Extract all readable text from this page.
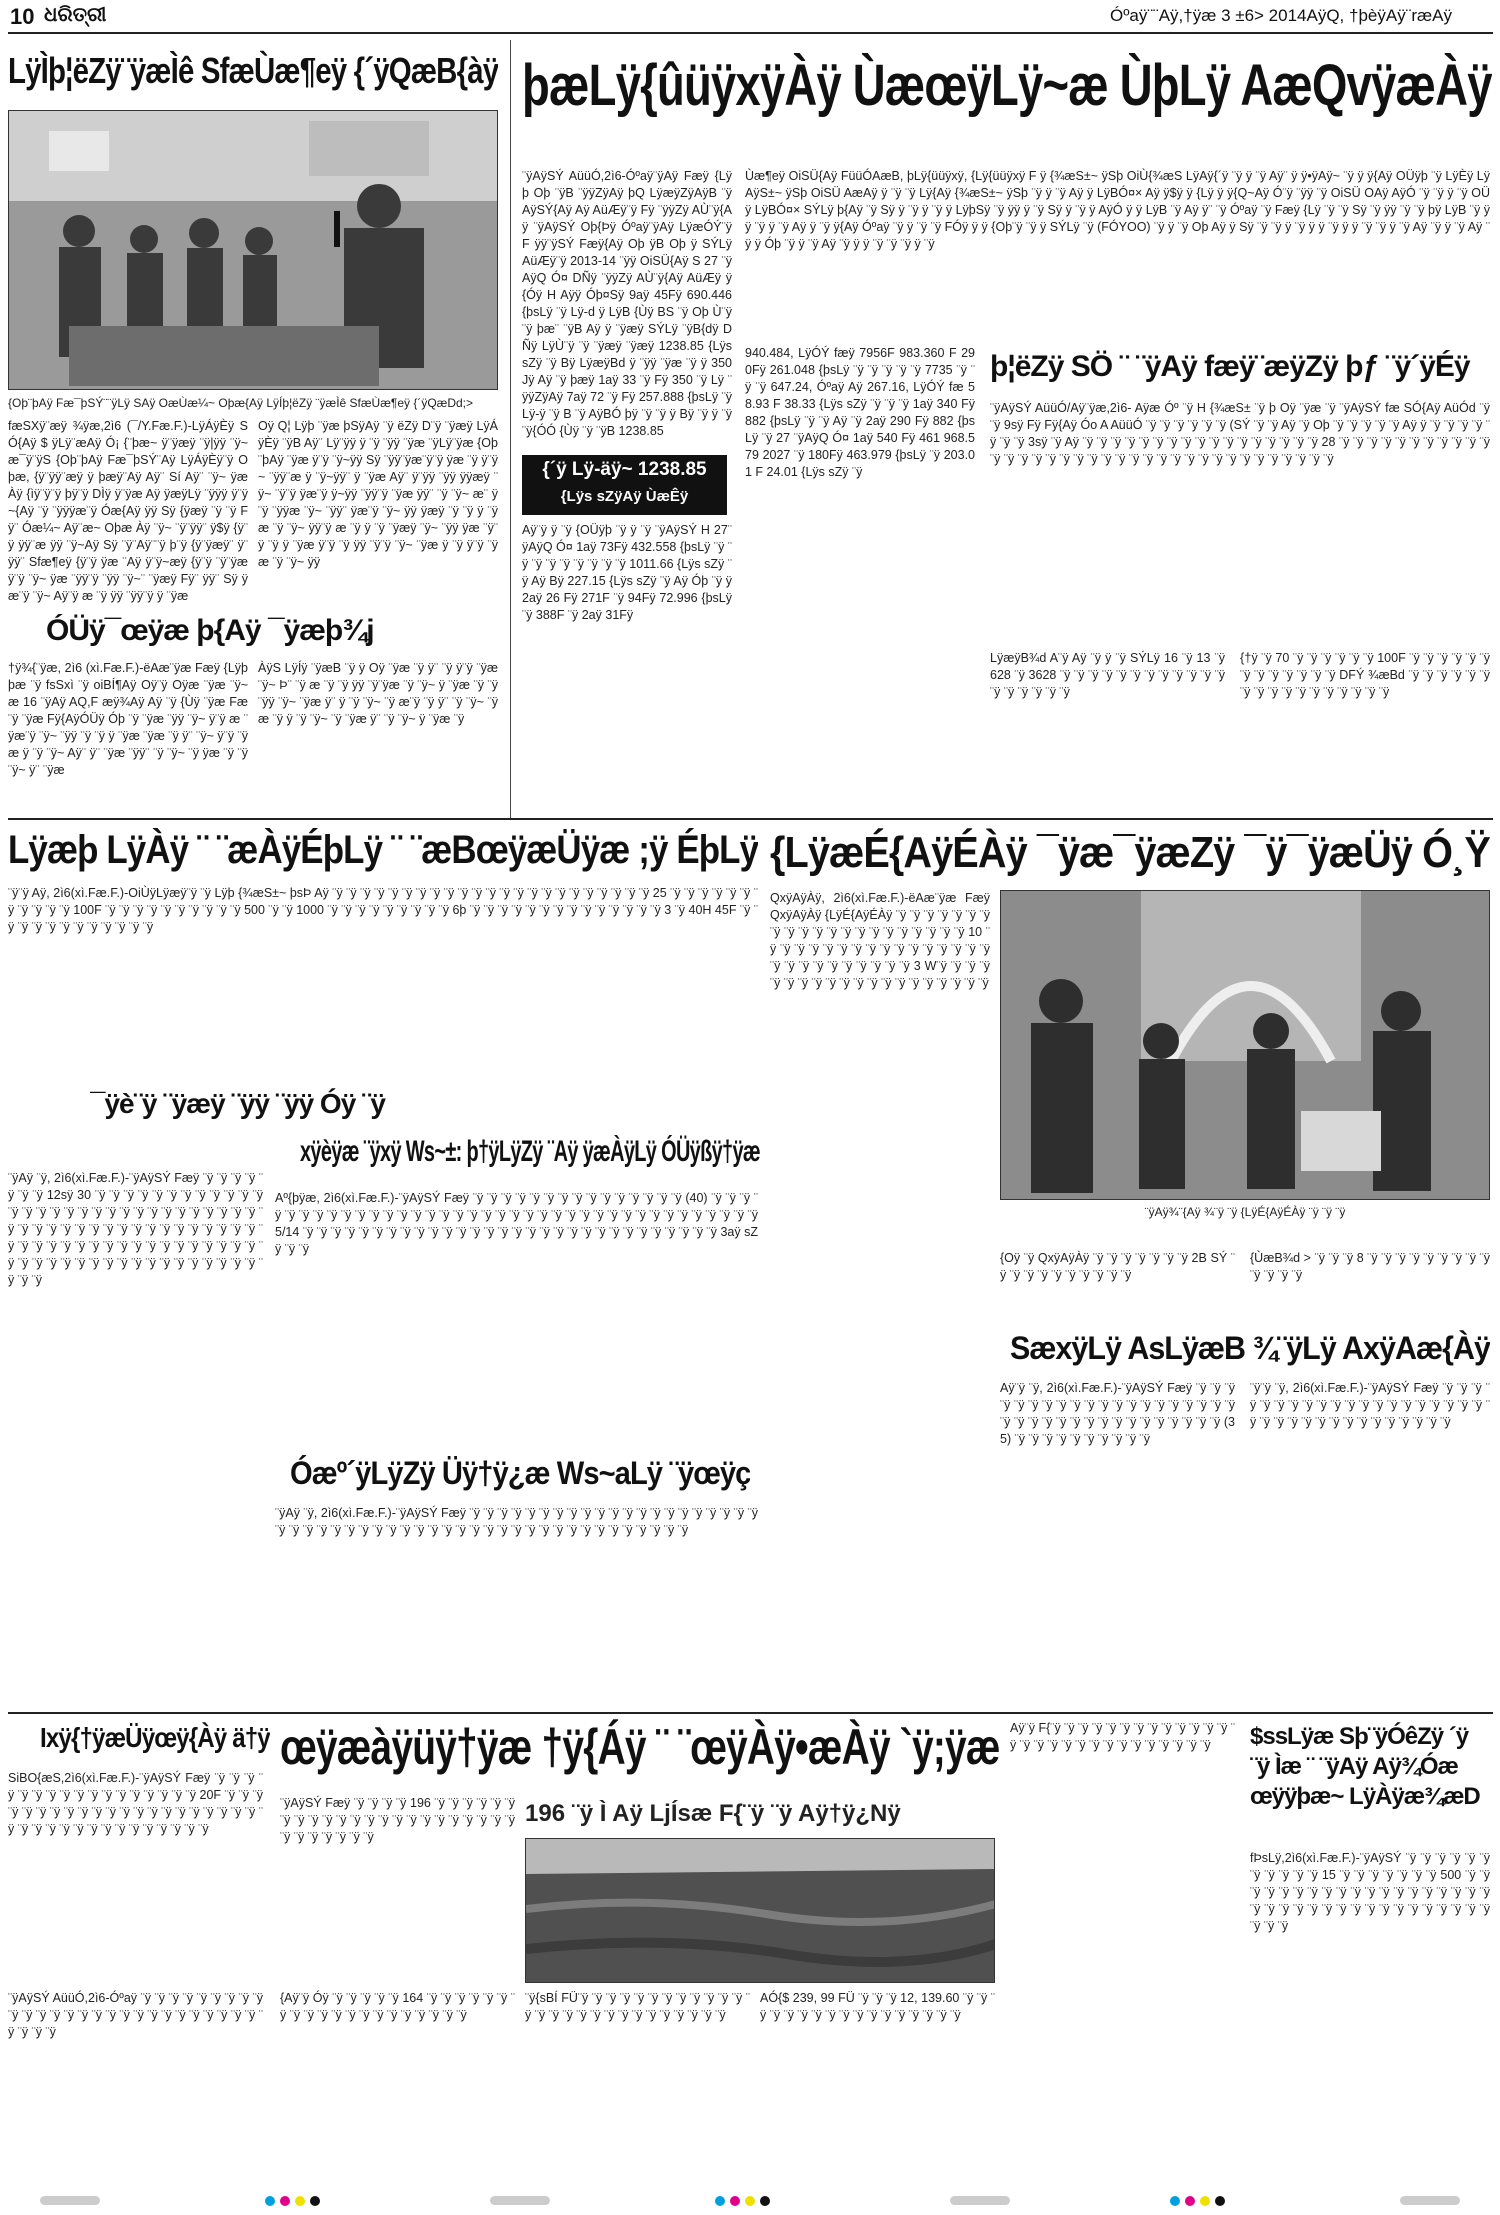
10 ଧରିତ୍ରୀ	Óºaÿ¨¨Aÿ,†ÿæ 3 ±6> 2014AÿQ, †þèÿAÿ¨ræAÿ
LÿÌþ¦ëZÿ¨ÿæÌê SfæÙæ¶eÿ {´ÿQæB{àÿ
{Oþ¨þAÿ Fæ¯þSÝ¨¨ÿLÿ SAÿ OæÙæ¼~ Oþæ{Aÿ LÿÍþ¦ëZÿ ¨ÿæÌê SfæÙæ¶eÿ {´ÿQæDd;>
fæSXÿ¨æÿ ¾ÿæ,2ì6 (¯/Y.Fæ.F.)-LÿÁÿÈÿ SÓ{Aÿ $ ÿLÿ¨æAÿ Ó¡ {¨þæ~ ÿ¨ÿæÿ ¨ÿ|ÿÿ ¨ÿ~æ¯ÿ¨ÿS {Oþ¨þAÿ Fæ¯þSÝ¨Aÿ LÿÁÿÈÿ¨ÿ Oþæ, {ÿ¨ÿÿ¨æÿ ÿ þæÿ¨Aÿ Aÿ¨ Sí Aÿ¨ ¨ÿ~ ÿæ Àÿ {ìÿ¨ÿ¨ÿ þÿ¨ÿ DÌÿ ÿ¨ÿæ Aÿ ÿæÿLÿ ¨ÿÿÿ ÿ¨ÿ~{Aÿ ¨ÿ ¨ÿÿÿæ¨ÿ Óæ{Aÿ ÿÿ Sÿ {ÿæÿ ¨ÿ ¨ÿ Fÿ¨ Óæ¼~ Aÿ¨æ~ Oþæ Àÿ ¨ÿ~ ¨ÿ¨ÿÿ¨ ÿ$ÿ {ÿ¨ÿ ÿÿ¨æ ÿÿ ¨ÿ~Aÿ Sÿ ¨ÿ¨Aÿ¨¨ÿ þ¨ÿ {ÿ¨ÿæÿ¨ ÿ¨ÿÿ¨ Sfæ¶eÿ {ÿ¨ÿ ÿæ ¨Aÿ ÿ¨ÿ~æÿ {ÿ¨ÿ ¨ÿ¨ÿæÿ¨ÿ ¨ÿ~ ÿæ ¨ÿÿ¨ÿ ¨ÿÿ ¨ÿ~¨ ¨ÿæÿ Fÿ¨ ÿÿ¨ Sÿ ÿæ¨ÿ ¨ÿ~ Aÿ¨ÿ æ ¨ÿ ÿÿ ¨ÿÿ¨ÿ ÿ ¨ÿæ
Oÿ Q¦ Lÿþ ¨ÿæ þSÿAÿ ¨ÿ ëZÿ D¨ÿ ¨ÿæÿ LÿÁÿÈÿ ¨ÿB Aÿ¨ Lÿ¨ÿÿ ÿ ¨ÿ ¨ÿÿ ¨ÿæ ¨ÿLÿ¨ÿæ {Oþ¨þAÿ ¨ÿæ ÿ¨ÿ ¨ÿ~ÿÿ Sÿ ¨ÿÿ¨ÿæ¨ÿ¨ÿ ÿæ ¨ÿ ÿ¨ÿ~ ¨ÿÿ¨æ ÿ ¨ÿ~ÿÿ¨ ÿ ¨ÿæ Aÿ¨ ÿ¨ÿÿ ¨ÿÿ ÿÿæÿ ¨ÿ~ ¨ÿ¨ÿ ÿæ¨ÿ ÿ~ÿÿ ¨ÿÿ¨ÿ ¨ÿæ ÿÿ¨ ¨ÿ ¨ÿ~ æ¨ ÿ¨ÿ ¨ÿÿæ ¨ÿ~ ¨ÿÿ¨ ÿæ¨ÿ ¨ÿ~ ÿÿ ÿæÿ ¨ÿ ¨ÿ ÿ ¨ÿæ ¨ÿ ¨ÿ~ ÿÿ¨ÿ æ ¨ÿ ÿ ¨ÿ ¨ÿæÿ ¨ÿ~ ¨ÿÿ ÿæ ¨ÿ¨ÿ ¨ÿ ÿ ¨ÿæ ÿ¨ÿ ¨ÿ ÿÿ ¨ÿ¨ÿ ¨ÿ~ ¨ÿæ ÿ ¨ÿ ÿ¨ÿ ¨ÿæ ¨ÿ ¨ÿ~ ÿÿ
ÓÜÿ¯œÿæ þ{Aÿ ¯ÿæþ¾j
†ÿ¾{¨ÿæ, 2ì6 (xì.Fæ.F.)-ëAæ¨ÿæ Fæÿ {Lÿþ þæ ¨ÿ fsSxì ¨ÿ oiBÍ¶Aÿ Oÿ¨ÿ Oÿæ ¨ÿæ ¨ÿ~ æ 16 ¨ÿAÿ AQ,F æÿ¾Aÿ Aÿ ¨ÿ {Ùÿ ¨ÿæ Fæ ¨ÿ ¨ÿæ Fÿ{AÿÓÜÿ Óþ ¨ÿ ¨ÿæ ¨ÿÿ ¨ÿ~ ÿ¨ÿ æ ¨ÿæ¨ÿ ¨ÿ~ ¨ÿÿ ¨ÿ ¨ÿ ÿ ¨ÿæ ¨ÿæ ¨ÿ ÿ¨ ¨ÿ~ ÿ¨ÿ ¨ÿæ ÿ ¨ÿ ¨ÿ~ Aÿ¨ ÿ¨ ¨ÿæ ¨ÿÿ¨ ¨ÿ ¨ÿ~ ¨ÿ ÿæ ¨ÿ ¨ÿ ¨ÿ~ ÿ¨ ¨ÿæ
ÀÿS LÿÍÿ ¨ÿæB ¨ÿ ÿ Oÿ ¨ÿæ ¨ÿ ÿ¨ ¨ÿ ÿ¨ÿ ¨ÿæ ¨ÿ~ Þ¨ ¨ÿ æ ¨ÿ ¨ÿ ÿÿ ¨ÿ¨ÿæ ¨ÿ ¨ÿ~ ÿ ¨ÿæ ¨ÿ ¨ÿ ¨ÿÿ ¨ÿ~ ¨ÿæ ÿ¨ ÿ ¨ÿ ¨ÿ~ ¨ÿ æ¨ÿ ¨ÿ ÿ¨ ¨ÿ ¨ÿ~ ¨ÿæ ¨ÿ ÿ ¨ÿ ¨ÿ~ ¨ÿ ¨ÿæ ÿ¨ ¨ÿ ¨ÿ~ ÿ ¨ÿæ ¨ÿ
þæLÿ{ûüÿxÿÀÿ ÙæœÿLÿ~æ ÙþLÿ AæQvÿæÀÿ
¨ÿAÿSÝ AüüÓ,2ì6-Óºaÿ¨ÿAÿ Fæÿ {Lÿþ Oþ ¨ÿB ¨ÿÿZÿAÿ þQ LÿæÿZÿAÿB ¨ÿAÿSÝ{Aÿ Aÿ AüÆÿ¨ÿ Fÿ ¨ÿÿZÿ AÙ¨ÿ{Aÿ ¨ÿAÿSÝ Oþ{Þÿ Óºaÿ¨ÿAÿ LÿæÓÝ¨ÿ F ÿÿ¨ÿSÝ Fæÿ{Aÿ Oþ ÿB Oþ ÿ SÝLÿ AüÆÿ¨ÿ 2013-14 ¨ÿÿ OiSÜ{Aÿ S 27 ¨ÿAÿQ Ó¤ DÑÿ ¨ÿÿZÿ AÙ¨ÿ{Aÿ AüÆÿ ÿ {Óÿ H Aÿÿ Óþ¤Sÿ 9aÿ 45Fÿ 690.446 {þsLÿ ¨ÿ Lÿ-d ÿ LÿB {Ùÿ BS ¨ÿ Oþ Ù¨ÿ ¨ÿ þæ¨ ¨ÿB Aÿ ÿ ¨ÿæÿ SÝLÿ ¨ÿB{dÿ DÑÿ LÿÙ¨ÿ ¨ÿ ¨ÿæÿ ¨ÿæÿ 1238.85 {Lÿs sZÿ ¨ÿ Bÿ LÿæÿBd ÿ ¨ÿÿ ¨ÿæ ¨ÿ ÿ 350 Jÿ Aÿ ¨ÿ þæÿ 1aÿ 33 ¨ÿ Fÿ 350 ¨ÿ Lÿ ¨ÿÿZÿAÿ 7aÿ 72 ¨ÿ Fÿ 257.888 {þsLÿ ¨ÿ Lÿ-ÿ ¨ÿ B ¨ÿ AÿBÓ þÿ ¨ÿ ¨ÿ ÿ Bÿ ¨ÿ ÿ ¨ÿ ¨ÿ{ÓÓ {Ùÿ ¨ÿ ¨ÿB 1238.85
Ùæ¶eÿ OiSÜ{Aÿ FüüÓAæB, þLÿ{üüÿxÿ, {Lÿ{üüÿxÿ F ÿ {¾æS±~ ÿSþ OiÙ{¾æS LÿAÿ{´ÿ ¨ÿ ÿ ¨ÿ Aÿ¨ ÿ ÿ•ÿAÿ~ ¨ÿ ÿ ÿ{Aÿ OÜÿþ ¨ÿ LÿÈÿ LÿAÿS±~ ÿSþ OiSÜ AæAÿ ÿ ¨ÿ ¨ÿ Lÿ{Aÿ {¾æS±~ ÿSþ ¨ÿ ÿ ¨ÿ Aÿ ÿ LÿBÓ¤× Aÿ ÿ$ÿ ÿ {Lÿ ÿ ÿ{Q~Aÿ Ó¨ÿ ¨ÿÿ ¨ÿ OiSÜ OAÿ AÿÓ ¨ÿ ¨ÿ ÿ ¨ÿ OÜÿ LÿBÓ¤× SÝLÿ þ{Aÿ ¨ÿ Sÿ ÿ ¨ÿ ÿ ¨ÿ ÿ LÿþSÿ ¨ÿ ÿÿ ÿ ¨ÿ Sÿ ÿ ¨ÿ ÿ AÿÓ ÿ ÿ LÿB ¨ÿ Aÿ ÿ¨ ¨ÿ Óºaÿ ¨ÿ Fæÿ {Lÿ ¨ÿ ¨ÿ Sÿ ¨ÿ ÿÿ ¨ÿ ¨ÿ þÿ LÿB ¨ÿ ÿ ÿ ¨ÿ ÿ ¨ÿ Aÿ ÿ ¨ÿ ÿ{Aÿ Óºaÿ ¨ÿ ÿ ¨ÿ ¨ÿ FÓÿ ÿ ÿ {Oþ¨ÿ ¨ÿ ÿ SÝLÿ ¨ÿ (FÓYOO) ¨ÿ ÿ ¨ÿ Oþ Aÿ ÿ Sÿ ¨ÿ ¨ÿ ÿ ¨ÿ ÿ ÿ ¨ÿ ÿ ÿ ¨ÿ ¨ÿ ÿ ¨ÿ Aÿ ¨ÿ ÿ ¨ÿ Aÿ ¨ÿ ÿ Óþ ¨ÿ ÿ ¨ÿ Aÿ ¨ÿ ÿ ÿ ¨ÿ ¨ÿ ¨ÿ ÿ ¨ÿ
{´ÿ Lÿ-äÿ~ 1238.85
{Lÿs sZÿAÿ ÙæÊÿ
Aÿ¨ÿ ÿ ¨ÿ {OÜÿþ ¨ÿ ÿ ¨ÿ ¨ÿAÿSÝ H 27¨ÿAÿQ Ó¤ 1aÿ 73Fÿ 432.558 {þsLÿ ¨ÿ ¨ÿ ¨ÿ ¨ÿ ¨ÿ ¨ÿ ¨ÿ ¨ÿ ¨ÿ 1011.66 {Lÿs sZÿ ¨ÿ Aÿ Bÿ 227.15 {Lÿs sZÿ ¨ÿ Aÿ Óþ ¨ÿ ÿ 2aÿ 26 Fÿ 271F ¨ÿ 94Fÿ 72.996 {þsLÿ ¨ÿ 388F ¨ÿ 2aÿ 31Fÿ
940.484, LÿÓÝ fæÿ 7956F 983.360 F 290Fÿ 261.048 {þsLÿ ¨ÿ ¨ÿ ¨ÿ ¨ÿ ¨ÿ 7735 ¨ÿ ¨ÿ ¨ÿ 647.24, Óºaÿ Aÿ 267.16, LÿÓÝ fæ 58.93 F 38.33 {Lÿs sZÿ ¨ÿ ¨ÿ ¨ÿ 1aÿ 340 Fÿ 882 {þsLÿ ¨ÿ ¨ÿ Aÿ ¨ÿ 2aÿ 290 Fÿ 882 {þsLÿ ¨ÿ 27 ¨ÿAÿQ Ó¤ 1aÿ 540 Fÿ 461 968.579 2027 ¨ÿ 180Fÿ 463.979 {þsLÿ ¨ÿ 203.01 F 24.01 {Lÿs sZÿ ¨ÿ
þ¦ëZÿ SÖ ¨ ¨ÿAÿ fæÿ¨æÿZÿ þƒ ¨ÿ´ÿÉÿ
¨ÿAÿSÝ AüüÓ/Aÿ¨ÿæ,2ì6- Aÿæ Óº ¨ÿ H {¾æS± ¨ÿ þ Oÿ ¨ÿæ ¨ÿ ¨ÿAÿSÝ fæ SÓ{Aÿ AüÓd ¨ÿ ¨ÿ 9sÿ Fÿ Fÿ{Aÿ Óo A AüüÓ ¨ÿ ¨ÿ ¨ÿ ¨ÿ ¨ÿ ¨ÿ (SÝ ¨ÿ ¨ÿ Aÿ ¨ÿ Oþ ¨ÿ ¨ÿ ¨ÿ ¨ÿ ¨ÿ Aÿ ÿ ¨ÿ ¨ÿ ¨ÿ ¨ÿ ¨ÿ ¨ÿ ¨ÿ 3sÿ ¨ÿ Aÿ ¨ÿ ¨ÿ ¨ÿ ¨ÿ ¨ÿ ¨ÿ ¨ÿ ¨ÿ ¨ÿ ¨ÿ ¨ÿ ¨ÿ ¨ÿ ¨ÿ ¨ÿ ¨ÿ ¨ÿ 28 ¨ÿ ¨ÿ ¨ÿ ¨ÿ ¨ÿ ¨ÿ ¨ÿ ¨ÿ ¨ÿ ¨ÿ ¨ÿ ¨ÿ ¨ÿ ¨ÿ ¨ÿ ¨ÿ ¨ÿ ¨ÿ ¨ÿ ¨ÿ ¨ÿ ¨ÿ ¨ÿ ¨ÿ ¨ÿ ¨ÿ ¨ÿ ¨ÿ ¨ÿ ¨ÿ ¨ÿ ¨ÿ ¨ÿ ¨ÿ ¨ÿ ¨ÿ
LÿæÿB¾d A¨ÿ Aÿ ¨ÿ ÿ ¨ÿ SÝLÿ 16 ¨ÿ 13 ¨ÿ 628 ¨ÿ 3628 ¨ÿ ¨ÿ ¨ÿ ¨ÿ ¨ÿ ¨ÿ ¨ÿ ¨ÿ ¨ÿ ¨ÿ ¨ÿ ¨ÿ ¨ÿ ¨ÿ ¨ÿ ¨ÿ ¨ÿ ¨ÿ
{†ÿ ¨ÿ 70 ¨ÿ ¨ÿ ¨ÿ ¨ÿ ¨ÿ ¨ÿ 100F ¨ÿ ¨ÿ ¨ÿ ¨ÿ ¨ÿ ¨ÿ ¨ÿ ¨ÿ ¨ÿ ¨ÿ ¨ÿ ¨ÿ ¨ÿ DFÝ ¾æBd ¨ÿ ¨ÿ ¨ÿ ¨ÿ ¨ÿ ¨ÿ ¨ÿ ¨ÿ ¨ÿ ¨ÿ ¨ÿ ¨ÿ ¨ÿ ¨ÿ ¨ÿ ¨ÿ ¨ÿ
Lÿæþ LÿÀÿ ¨ ¨æÀÿÉþLÿ ¨ ¨æBœÿæÜÿæ ;ÿ ÉþLÿ
¨ÿ¨ÿ Aÿ, 2ì6(xì.Fæ.F.)-OiÙÿLÿæÿ¨ÿ ¨ÿ Lÿþ {¾æS±~ þsÞ Aÿ ¨ÿ ¨ÿ ¨ÿ ¨ÿ ¨ÿ ¨ÿ ¨ÿ ¨ÿ ¨ÿ ¨ÿ ¨ÿ ¨ÿ ¨ÿ ¨ÿ ¨ÿ ¨ÿ ¨ÿ ¨ÿ ¨ÿ ¨ÿ ¨ÿ ¨ÿ ¨ÿ 25 ¨ÿ ¨ÿ ¨ÿ ¨ÿ ¨ÿ ¨ÿ ¨ÿ ¨ÿ ¨ÿ ¨ÿ ¨ÿ 100F ¨ÿ ¨ÿ ¨ÿ ¨ÿ ¨ÿ ¨ÿ ¨ÿ ¨ÿ ¨ÿ ¨ÿ 500 ¨ÿ ¨ÿ 1000 ¨ÿ ¨ÿ ¨ÿ ¨ÿ ¨ÿ ¨ÿ ¨ÿ ¨ÿ ¨ÿ 6þ ¨ÿ ¨ÿ ¨ÿ ¨ÿ ¨ÿ ¨ÿ ¨ÿ ¨ÿ ¨ÿ ¨ÿ ¨ÿ ¨ÿ ¨ÿ ¨ÿ 3 ¨ÿ 40H 45F ¨ÿ ¨ÿ ¨ÿ ¨ÿ ¨ÿ ¨ÿ ¨ÿ ¨ÿ ¨ÿ ¨ÿ ¨ÿ ¨ÿ
{LÿæÉ{AÿÉÀÿ ¯ÿæ¯ÿæZÿ ¯ÿ¯ÿæÜÿ Ó¸Ÿ
QxÿAÿÀÿ, 2ì6(xì.Fæ.F.)-ëAæ¨ÿæ Fæÿ QxÿAÿÀÿ {LÿÉ{AÿÉÀÿ ¨ÿ ¨ÿ ¨ÿ ¨ÿ ¨ÿ ¨ÿ ¨ÿ ¨ÿ ¨ÿ ¨ÿ ¨ÿ ¨ÿ ¨ÿ ¨ÿ ¨ÿ ¨ÿ ¨ÿ ¨ÿ ¨ÿ ¨ÿ ¨ÿ 10 ¨ÿ ¨ÿ ¨ÿ ¨ÿ ¨ÿ ¨ÿ ¨ÿ ¨ÿ ¨ÿ ¨ÿ ¨ÿ ¨ÿ ¨ÿ ¨ÿ ¨ÿ ¨ÿ ¨ÿ ¨ÿ ¨ÿ ¨ÿ ¨ÿ ¨ÿ ¨ÿ ¨ÿ ¨ÿ ¨ÿ 3 W¨ÿ ¨ÿ ¨ÿ ¨ÿ ¨ÿ ¨ÿ ¨ÿ ¨ÿ ¨ÿ ¨ÿ ¨ÿ ¨ÿ ¨ÿ ¨ÿ ¨ÿ ¨ÿ ¨ÿ ¨ÿ ¨ÿ ¨ÿ
¨ÿAÿ¾¨{Aÿ ¾¨ÿ ¨ÿ {LÿÉ{AÿÉÀÿ ¨ÿ ¨ÿ ¨ÿ
¯ÿè¨ÿ ¨ÿæÿ ¨ÿÿ ¨ÿÿ Óÿ ¨ÿ
¨ÿAÿ ¨ÿ, 2ì6(xì.Fæ.F.)-¨ÿAÿSÝ Fæÿ ¨ÿ ¨ÿ ¨ÿ ¨ÿ ¨ÿ ¨ÿ ¨ÿ 12sÿ 30 ¨ÿ ¨ÿ ¨ÿ ¨ÿ ¨ÿ ¨ÿ ¨ÿ ¨ÿ ¨ÿ ¨ÿ ¨ÿ ¨ÿ ¨ÿ ¨ÿ ¨ÿ ¨ÿ ¨ÿ ¨ÿ ¨ÿ ¨ÿ ¨ÿ ¨ÿ ¨ÿ ¨ÿ ¨ÿ ¨ÿ ¨ÿ ¨ÿ ¨ÿ ¨ÿ ¨ÿ ¨ÿ ¨ÿ ¨ÿ ¨ÿ ¨ÿ ¨ÿ ¨ÿ ¨ÿ ¨ÿ ¨ÿ ¨ÿ ¨ÿ ¨ÿ ¨ÿ ¨ÿ ¨ÿ ¨ÿ ¨ÿ ¨ÿ ¨ÿ ¨ÿ ¨ÿ ¨ÿ ¨ÿ ¨ÿ ¨ÿ ¨ÿ ¨ÿ ¨ÿ ¨ÿ ¨ÿ ¨ÿ ¨ÿ ¨ÿ ¨ÿ ¨ÿ ¨ÿ ¨ÿ ¨ÿ ¨ÿ ¨ÿ ¨ÿ ¨ÿ ¨ÿ ¨ÿ ¨ÿ ¨ÿ ¨ÿ ¨ÿ ¨ÿ ¨ÿ ¨ÿ ¨ÿ ¨ÿ ¨ÿ ¨ÿ
xÿèÿæ ¨ÿxÿ Ws~±: þ†ÿLÿZÿ ¨Aÿ ÿæÀÿLÿ ÓÜÿßÿ†ÿæ
Aº{þÿæ, 2ì6(xì.Fæ.F.)-¨ÿAÿSÝ Fæÿ ¨ÿ ¨ÿ ¨ÿ ¨ÿ ¨ÿ ¨ÿ ¨ÿ ¨ÿ ¨ÿ ¨ÿ ¨ÿ ¨ÿ ¨ÿ ¨ÿ ¨ÿ (40) ¨ÿ ¨ÿ ¨ÿ ¨ÿ ¨ÿ ¨ÿ ¨ÿ ¨ÿ ¨ÿ ¨ÿ ¨ÿ ¨ÿ ¨ÿ ¨ÿ ¨ÿ ¨ÿ ¨ÿ ¨ÿ ¨ÿ ¨ÿ ¨ÿ ¨ÿ ¨ÿ ¨ÿ ¨ÿ ¨ÿ ¨ÿ ¨ÿ ¨ÿ ¨ÿ ¨ÿ ¨ÿ ¨ÿ ¨ÿ ¨ÿ ¨ÿ ¨ÿ ¨ÿ 5/14 ¨ÿ ¨ÿ ¨ÿ ¨ÿ ¨ÿ ¨ÿ ¨ÿ ¨ÿ ¨ÿ ¨ÿ ¨ÿ ¨ÿ ¨ÿ ¨ÿ ¨ÿ ¨ÿ ¨ÿ ¨ÿ ¨ÿ ¨ÿ ¨ÿ ¨ÿ ¨ÿ ¨ÿ ¨ÿ ¨ÿ ¨ÿ ¨ÿ ¨ÿ ¨ÿ 3aÿ sZÿ ¨ÿ ¨ÿ
Óæº´ÿLÿZÿ Üÿ†ÿ¿æ Ws~aLÿ ¨ÿœÿç
¨ÿAÿ ¨ÿ, 2ì6(xì.Fæ.F.)-¨ÿAÿSÝ Fæÿ ¨ÿ ¨ÿ ¨ÿ ¨ÿ ¨ÿ ¨ÿ ¨ÿ ¨ÿ ¨ÿ ¨ÿ ¨ÿ ¨ÿ ¨ÿ ¨ÿ ¨ÿ ¨ÿ ¨ÿ ¨ÿ ¨ÿ ¨ÿ ¨ÿ ¨ÿ ¨ÿ ¨ÿ ¨ÿ ¨ÿ ¨ÿ ¨ÿ ¨ÿ ¨ÿ ¨ÿ ¨ÿ ¨ÿ ¨ÿ ¨ÿ ¨ÿ ¨ÿ ¨ÿ ¨ÿ ¨ÿ ¨ÿ ¨ÿ ¨ÿ ¨ÿ ¨ÿ ¨ÿ ¨ÿ ¨ÿ ¨ÿ ¨ÿ ¨ÿ
{Oÿ ¨ÿ QxÿAÿÀÿ ¨ÿ ¨ÿ ¨ÿ ¨ÿ ¨ÿ ¨ÿ ¨ÿ 2B SÝ ¨ÿ ¨ÿ ¨ÿ ¨ÿ ¨ÿ ¨ÿ ¨ÿ ¨ÿ ¨ÿ ¨ÿ
{ÙæB¾d > ¨ÿ ¨ÿ ¨ÿ 8 ¨ÿ ¨ÿ ¨ÿ ¨ÿ ¨ÿ ¨ÿ ¨ÿ ¨ÿ ¨ÿ ¨ÿ ¨ÿ ¨ÿ ¨ÿ
SæxÿLÿ AsLÿæB ¾¨ÿLÿ AxÿAæ{Àÿ
Aÿ¨ÿ ¨ÿ, 2ì6(xì.Fæ.F.)-¨ÿAÿSÝ Fæÿ ¨ÿ ¨ÿ ¨ÿ ¨ÿ ¨ÿ ¨ÿ ¨ÿ ¨ÿ ¨ÿ ¨ÿ ¨ÿ ¨ÿ ¨ÿ ¨ÿ ¨ÿ ¨ÿ ¨ÿ ¨ÿ ¨ÿ ¨ÿ ¨ÿ ¨ÿ ¨ÿ ¨ÿ ¨ÿ ¨ÿ ¨ÿ ¨ÿ ¨ÿ ¨ÿ ¨ÿ ¨ÿ ¨ÿ ¨ÿ ¨ÿ ¨ÿ (35) ¨ÿ ¨ÿ ¨ÿ ¨ÿ ¨ÿ ¨ÿ ¨ÿ ¨ÿ ¨ÿ ¨ÿ
¨ÿ¨ÿ ¨ÿ, 2ì6(xì.Fæ.F.)-¨ÿAÿSÝ Fæÿ ¨ÿ ¨ÿ ¨ÿ ¨ÿ ¨ÿ ¨ÿ ¨ÿ ¨ÿ ¨ÿ ¨ÿ ¨ÿ ¨ÿ ¨ÿ ¨ÿ ¨ÿ ¨ÿ ¨ÿ ¨ÿ ¨ÿ ¨ÿ ¨ÿ ¨ÿ ¨ÿ ¨ÿ ¨ÿ ¨ÿ ¨ÿ ¨ÿ ¨ÿ ¨ÿ ¨ÿ ¨ÿ ¨ÿ ¨ÿ ¨ÿ
Ixÿ{†ÿæÜÿœÿ{Àÿ ä†ÿ
SiBO{æS,2ì6(xì.Fæ.F.)-¨ÿAÿSÝ Fæÿ ¨ÿ ¨ÿ ¨ÿ ¨ÿ ¨ÿ ¨ÿ ¨ÿ ¨ÿ ¨ÿ ¨ÿ ¨ÿ ¨ÿ ¨ÿ ¨ÿ ¨ÿ ¨ÿ ¨ÿ 20F ¨ÿ ¨ÿ ¨ÿ ¨ÿ ¨ÿ ¨ÿ ¨ÿ ¨ÿ ¨ÿ ¨ÿ ¨ÿ ¨ÿ ¨ÿ ¨ÿ ¨ÿ ¨ÿ ¨ÿ ¨ÿ ¨ÿ ¨ÿ ¨ÿ ¨ÿ ¨ÿ ¨ÿ ¨ÿ ¨ÿ ¨ÿ ¨ÿ ¨ÿ ¨ÿ ¨ÿ ¨ÿ ¨ÿ ¨ÿ ¨ÿ ¨ÿ
¨ÿAÿSÝ AüüÓ,2ì6-Óºaÿ ¨ÿ ¨ÿ ¨ÿ ¨ÿ ¨ÿ ¨ÿ ¨ÿ ¨ÿ ¨ÿ ¨ÿ ¨ÿ ¨ÿ ¨ÿ ¨ÿ ¨ÿ ¨ÿ ¨ÿ ¨ÿ ¨ÿ ¨ÿ ¨ÿ ¨ÿ ¨ÿ ¨ÿ ¨ÿ ¨ÿ ¨ÿ ¨ÿ ¨ÿ ¨ÿ ¨ÿ
œÿæàÿüÿ†ÿæ †ÿ{Áÿ ¨ ¨œÿÀÿ•æÀÿ `ÿ;ÿæ
¨ÿAÿSÝ Fæÿ ¨ÿ ¨ÿ ¨ÿ ¨ÿ 196 ¨ÿ ¨ÿ ¨ÿ ¨ÿ ¨ÿ ¨ÿ ¨ÿ ¨ÿ ¨ÿ ¨ÿ ¨ÿ ¨ÿ ¨ÿ ¨ÿ ¨ÿ ¨ÿ ¨ÿ ¨ÿ ¨ÿ ¨ÿ ¨ÿ ¨ÿ ¨ÿ ¨ÿ ¨ÿ ¨ÿ ¨ÿ ¨ÿ ¨ÿ ¨ÿ
196 ¨ÿ Ì Aÿ LjÍsæ F{¨ÿ ¨ÿ Aÿ†ÿ¿Nÿ
{Aÿ¨ÿ Óÿ ¨ÿ ¨ÿ ¨ÿ ¨ÿ ¨ÿ 164 ¨ÿ ¨ÿ ¨ÿ ¨ÿ ¨ÿ ¨ÿ ¨ÿ ¨ÿ ¨ÿ ¨ÿ ¨ÿ ¨ÿ ¨ÿ ¨ÿ ¨ÿ ¨ÿ ¨ÿ ¨ÿ ¨ÿ ¨ÿ
¨ÿ{sBÍ FÜ¨ÿ ¨ÿ ¨ÿ ¨ÿ ¨ÿ ¨ÿ ¨ÿ ¨ÿ ¨ÿ ¨ÿ ¨ÿ ¨ÿ ¨ÿ ¨ÿ ¨ÿ ¨ÿ ¨ÿ ¨ÿ ¨ÿ ¨ÿ ¨ÿ ¨ÿ ¨ÿ ¨ÿ ¨ÿ ¨ÿ ¨ÿ
AÓ{$ 239, 99 FÜ ¨ÿ ¨ÿ ¨ÿ 12, 139.60 ¨ÿ ¨ÿ ¨ÿ ¨ÿ ¨ÿ ¨ÿ ¨ÿ ¨ÿ ¨ÿ ¨ÿ ¨ÿ ¨ÿ ¨ÿ ¨ÿ ¨ÿ ¨ÿ ¨ÿ
Aÿ¨ÿ F{¨ÿ ¨ÿ ¨ÿ ¨ÿ ¨ÿ ¨ÿ ¨ÿ ¨ÿ ¨ÿ ¨ÿ ¨ÿ ¨ÿ ¨ÿ ¨ÿ ¨ÿ ¨ÿ ¨ÿ ¨ÿ ¨ÿ ¨ÿ ¨ÿ ¨ÿ ¨ÿ ¨ÿ ¨ÿ ¨ÿ ¨ÿ ¨ÿ	$ssLÿæ Sþ¨ÿÓêZÿ ´ÿ ¨ÿ Ìæ ¨ ¨ÿAÿ Aÿ¾Óæ œÿÿþæ~ LÿÀÿæ¾æD
fÞsLÿ,2ì6(xì.Fæ.F.)-¨ÿAÿSÝ ¨ÿ ¨ÿ ¨ÿ ¨ÿ ¨ÿ ¨ÿ ¨ÿ ¨ÿ ¨ÿ ¨ÿ ¨ÿ 15 ¨ÿ ¨ÿ ¨ÿ ¨ÿ ¨ÿ ¨ÿ ¨ÿ 500 ¨ÿ ¨ÿ ¨ÿ ¨ÿ ¨ÿ ¨ÿ ¨ÿ ¨ÿ ¨ÿ ¨ÿ ¨ÿ ¨ÿ ¨ÿ ¨ÿ ¨ÿ ¨ÿ ¨ÿ ¨ÿ ¨ÿ ¨ÿ ¨ÿ ¨ÿ ¨ÿ ¨ÿ ¨ÿ ¨ÿ ¨ÿ ¨ÿ ¨ÿ ¨ÿ ¨ÿ ¨ÿ ¨ÿ ¨ÿ ¨ÿ ¨ÿ ¨ÿ ¨ÿ ¨ÿ
